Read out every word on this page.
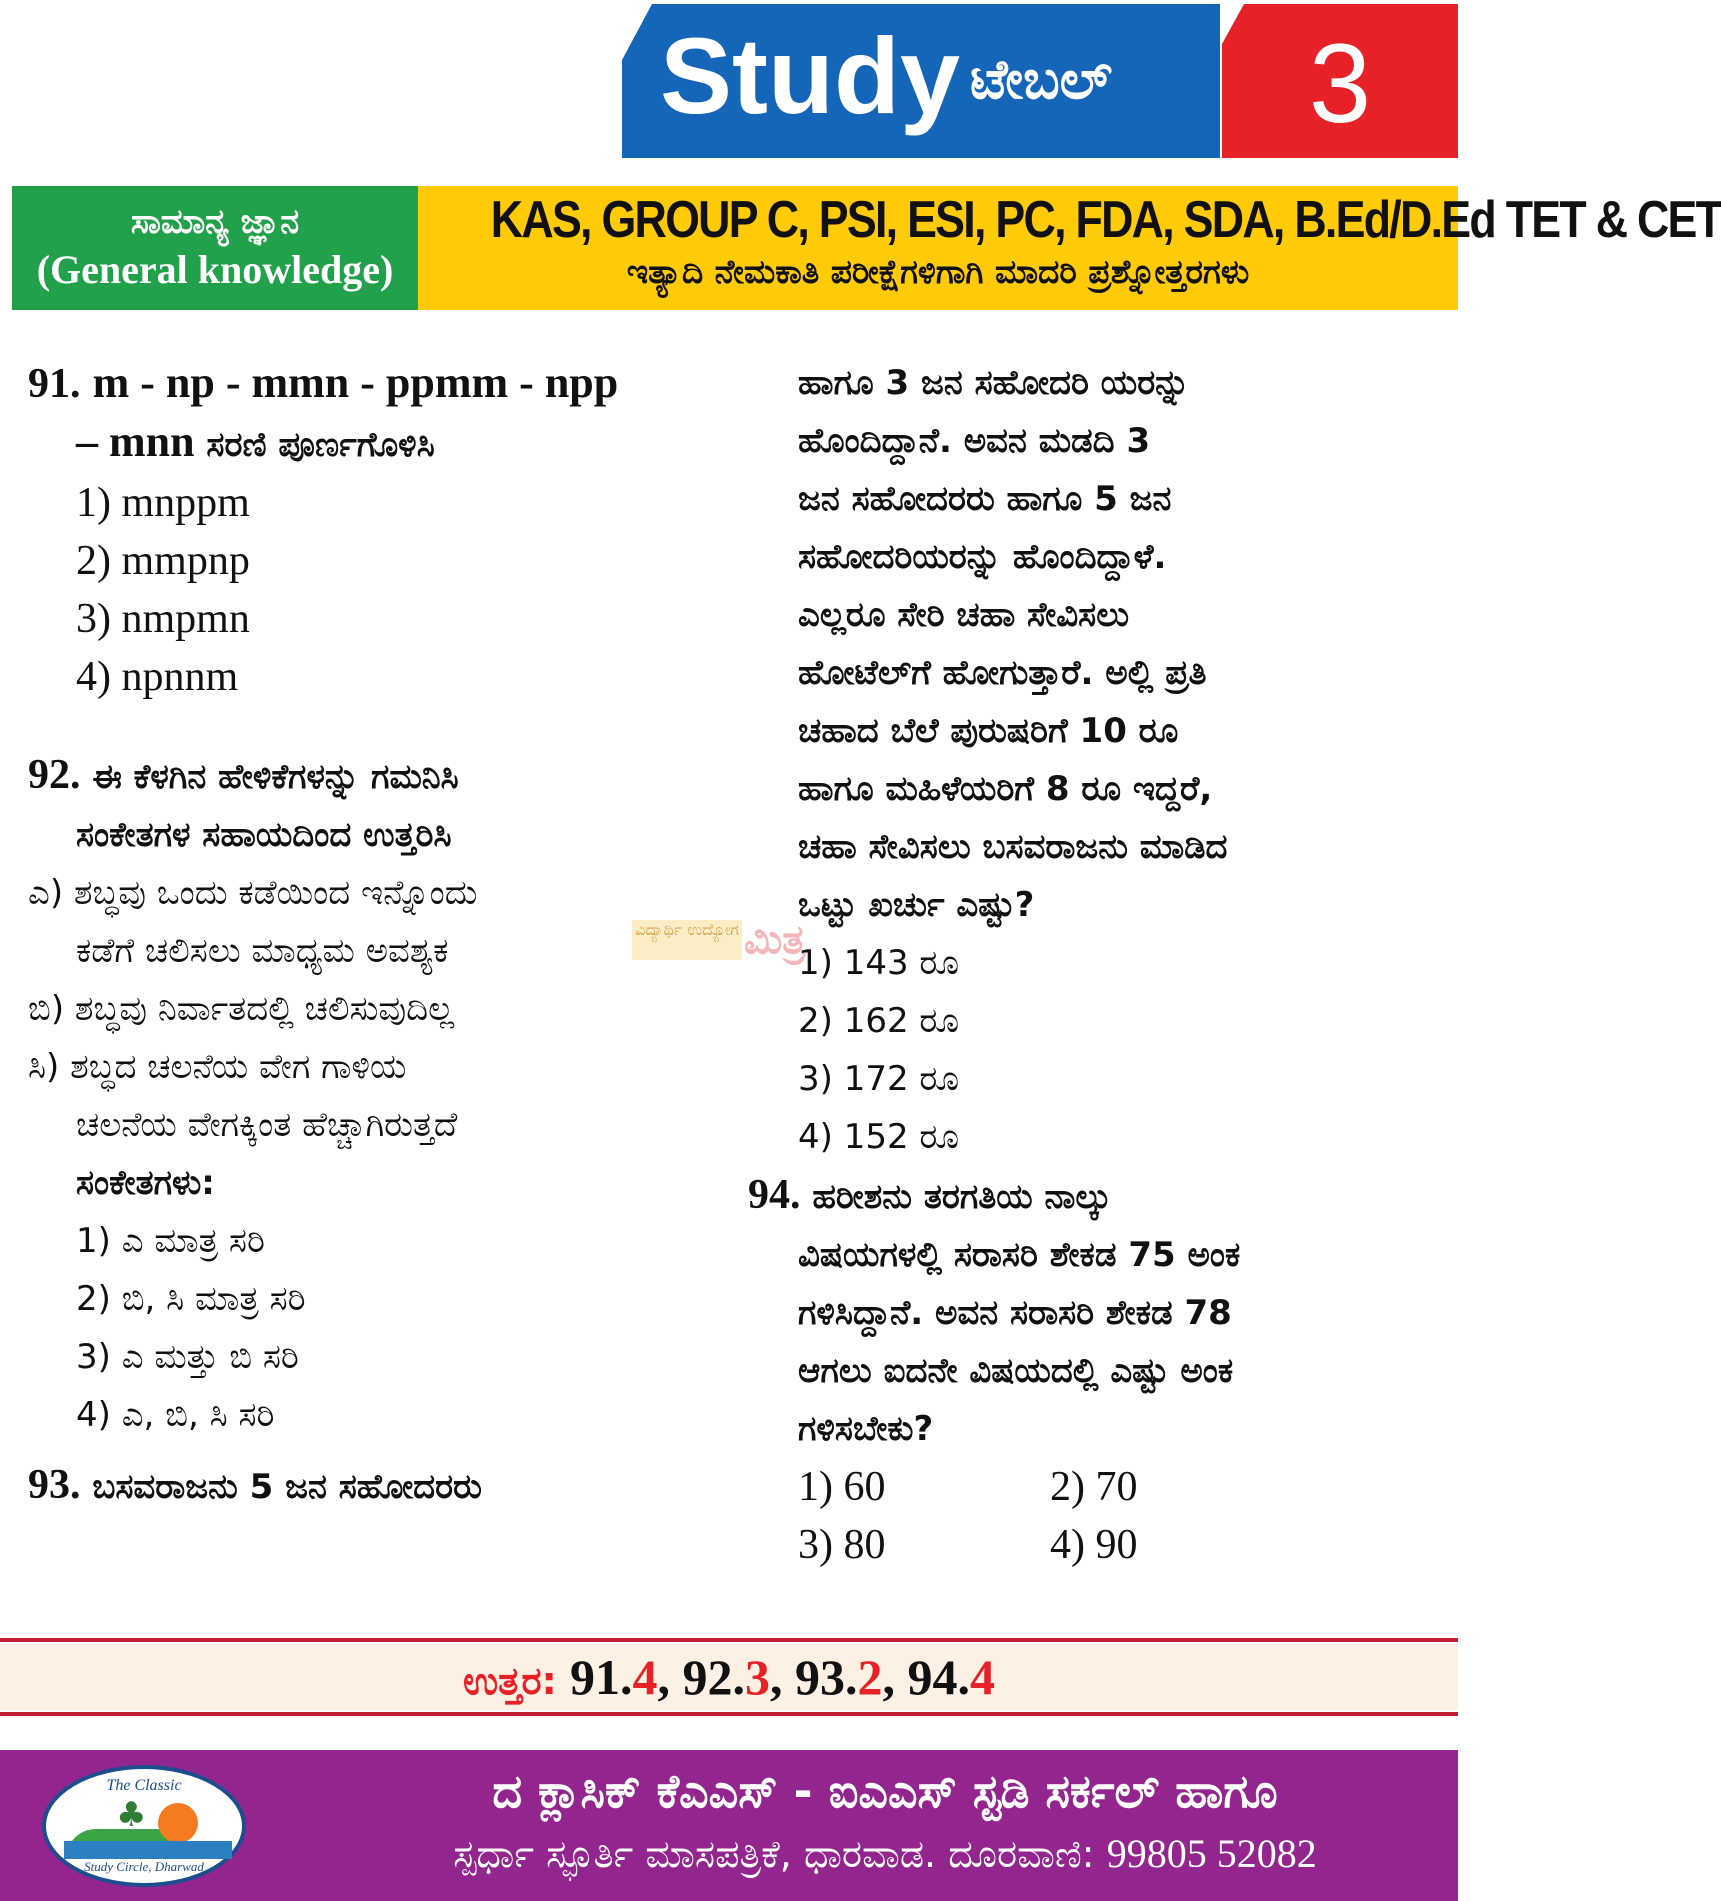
Study ಟೇಬಲ್	3
ಸಾಮಾನ್ಯ ಜ್ಞಾನ
(General knowledge)
KAS, GROUP C, PSI, ESI, PC, FDA, SDA, B.Ed/D.Ed TET & CET
ಇತ್ಯಾದಿ ನೇಮಕಾತಿ ಪರೀಕ್ಷೆಗಳಿಗಾಗಿ ಮಾದರಿ ಪ್ರಶ್ನೋತ್ತರಗಳು
91. m - np - mmn - ppmm - npp
– mnn ಸರಣಿ ಪೂರ್ಣಗೊಳಿಸಿ
1) mnppm
2) mmpnp
3) nmpmn
4) npnnm
92. ಈ ಕೆಳಗಿನ ಹೇಳಿಕೆಗಳನ್ನು ಗಮನಿಸಿ
ಸಂಕೇತಗಳ ಸಹಾಯದಿಂದ ಉತ್ತರಿಸಿ
ಎ) ಶಬ್ಧವು ಒಂದು ಕಡೆಯಿಂದ ಇನ್ನೊಂದು
ಕಡೆಗೆ ಚಲಿಸಲು ಮಾಧ್ಯಮ ಅವಶ್ಯಕ
ಬಿ) ಶಬ್ಧವು ನಿರ್ವಾತದಲ್ಲಿ ಚಲಿಸುವುದಿಲ್ಲ
ಸಿ) ಶಬ್ಧದ ಚಲನೆಯ ವೇಗ ಗಾಳಿಯ
ಚಲನೆಯ ವೇಗಕ್ಕಿಂತ ಹೆಚ್ಚಾಗಿರುತ್ತದೆ
ಸಂಕೇತಗಳು:
1) ಎ ಮಾತ್ರ ಸರಿ
2) ಬಿ, ಸಿ ಮಾತ್ರ ಸರಿ
3) ಎ ಮತ್ತು ಬಿ ಸರಿ
4) ಎ, ಬಿ, ಸಿ ಸರಿ
93. ಬಸವರಾಜನು 5 ಜನ ಸಹೋದರರು
ಹಾಗೂ 3 ಜನ ಸಹೋದರಿ ಯರನ್ನು
ಹೊಂದಿದ್ದಾನೆ. ಅವನ ಮಡದಿ 3
ಜನ ಸಹೋದರರು ಹಾಗೂ 5 ಜನ
ಸಹೋದರಿಯರನ್ನು ಹೊಂದಿದ್ದಾಳೆ.
ಎಲ್ಲರೂ ಸೇರಿ ಚಹಾ ಸೇವಿಸಲು
ಹೋಟೆಲ್‌ಗೆ ಹೋಗುತ್ತಾರೆ. ಅಲ್ಲಿ ಪ್ರತಿ
ಚಹಾದ ಬೆಲೆ ಪುರುಷರಿಗೆ 10 ರೂ
ಹಾಗೂ ಮಹಿಳೆಯರಿಗೆ 8 ರೂ ಇದ್ದರೆ,
ಚಹಾ ಸೇವಿಸಲು ಬಸವರಾಜನು ಮಾಡಿದ
ಒಟ್ಟು ಖರ್ಚು ಎಷ್ಟು?
1) 143 ರೂ
2) 162 ರೂ
3) 172 ರೂ
4) 152 ರೂ
94. ಹರೀಶನು ತರಗತಿಯ ನಾಲ್ಕು
ವಿಷಯಗಳಲ್ಲಿ ಸರಾಸರಿ ಶೇಕಡ 75 ಅಂಕ
ಗಳಿಸಿದ್ದಾನೆ. ಅವನ ಸರಾಸರಿ ಶೇಕಡ 78
ಆಗಲು ಐದನೇ ವಿಷಯದಲ್ಲಿ ಎಷ್ಟು ಅಂಕ
ಗಳಿಸಬೇಕು?
1) 60	2) 70
3) 80	4) 90
ವಿದ್ಯಾರ್ಥಿ ಉದ್ಯೋಗ ಮಿತ್ರ
ಉತ್ತರ: 91.4, 92.3, 93.2, 94.4
♣
The Classic
Study Circle, Dharwad
ದ ಕ್ಲಾಸಿಕ್ ಕೆಎಎಸ್ - ಐಎಎಸ್ ಸ್ಟಡಿ ಸರ್ಕಲ್ ಹಾಗೂ
ಸ್ಪರ್ಧಾ ಸ್ಫೂರ್ತಿ ಮಾಸಪತ್ರಿಕೆ, ಧಾರವಾಡ. ದೂರವಾಣಿ: 99805 52082
